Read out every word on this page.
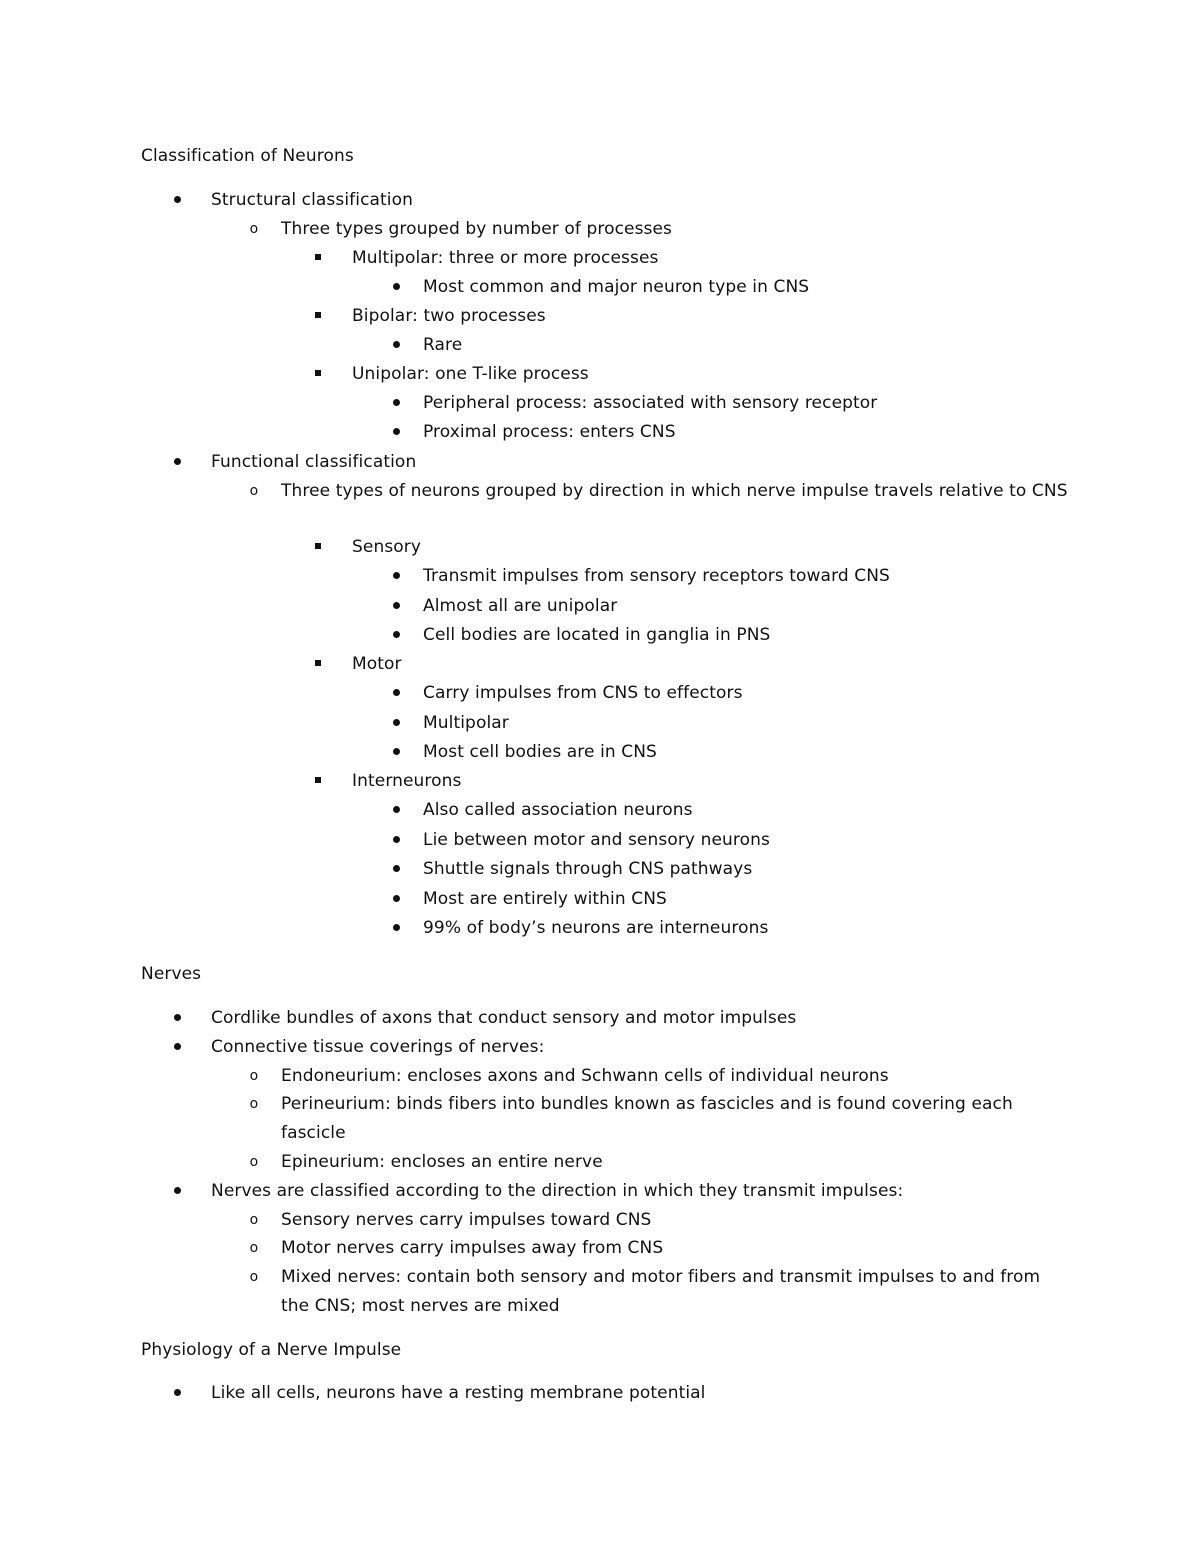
Classification of Neurons
Structural classification
o	Three types grouped by number of processes
Multipolar: three or more processes
Most common and major neuron type in CNS
Bipolar: two processes
Rare
Unipolar: one T-like process
Peripheral process: associated with sensory receptor
Proximal process: enters CNS
Functional classification
o	Three types of neurons grouped by direction in which nerve impulse travels relative to CNS
Sensory
Transmit impulses from sensory receptors toward CNS
Almost all are unipolar
Cell bodies are located in ganglia in PNS
Motor
Carry impulses from CNS to effectors
Multipolar
Most cell bodies are in CNS
Interneurons
Also called association neurons
Lie between motor and sensory neurons
Shuttle signals through CNS pathways
Most are entirely within CNS
99% of body’s neurons are interneurons
Nerves
Cordlike bundles of axons that conduct sensory and motor impulses
Connective tissue coverings of nerves:
o	Endoneurium: encloses axons and Schwann cells of individual neurons
o	Perineurium: binds fibers into bundles known as fascicles and is found covering each fascicle
o	Epineurium: encloses an entire nerve
Nerves are classified according to the direction in which they transmit impulses:
o	Sensory nerves carry impulses toward CNS
o	Motor nerves carry impulses away from CNS
o	Mixed nerves: contain both sensory and motor fibers and transmit impulses to and from the CNS; most nerves are mixed
Physiology of a Nerve Impulse
Like all cells, neurons have a resting membrane potential
